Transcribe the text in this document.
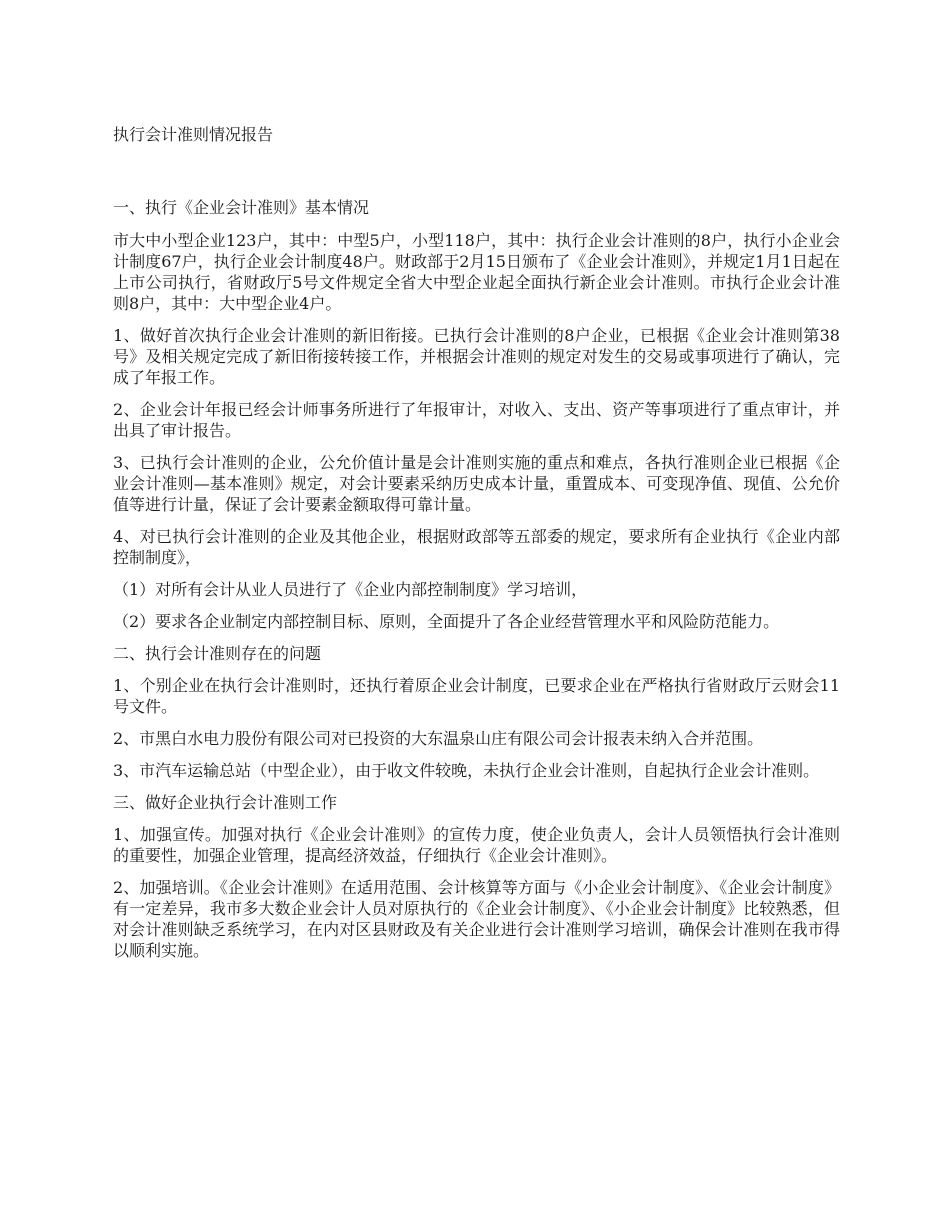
执行会计准则情况报告

一、执行《企业会计准则》基本情况

市大中小型企业123户，其中：中型5户，小型118户，其中：执行企业会计准则的8户，执行小企业会计制度67户，执行企业会计制度48户。财政部于2月15日颁布了《企业会计准则》，并规定1月1日起在上市公司执行，省财政厅5号文件规定全省大中型企业起全面执行新企业会计准则。市执行企业会计准则8户，其中：大中型企业4户。

1、做好首次执行企业会计准则的新旧衔接。已执行会计准则的8户企业，已根据《企业会计准则第38号》及相关规定完成了新旧衔接转接工作，并根据会计准则的规定对发生的交易或事项进行了确认，完成了年报工作。

2、企业会计年报已经会计师事务所进行了年报审计，对收入、支出、资产等事项进行了重点审计，并出具了审计报告。

3、已执行会计准则的企业，公允价值计量是会计准则实施的重点和难点，各执行准则企业已根据《企业会计准则—基本准则》规定，对会计要素采纳历史成本计量，重置成本、可变现净值、现值、公允价值等进行计量，保证了会计要素金额取得可靠计量。

4、对已执行会计准则的企业及其他企业，根据财政部等五部委的规定，要求所有企业执行《企业内部控制制度》，

（1）对所有会计从业人员进行了《企业内部控制制度》学习培训，

（2）要求各企业制定内部控制目标、原则，全面提升了各企业经营管理水平和风险防范能力。

二、执行会计准则存在的问题

1、个别企业在执行会计准则时，还执行着原企业会计制度，已要求企业在严格执行省财政厅云财会11号文件。

2、市黑白水电力股份有限公司对已投资的大东温泉山庄有限公司会计报表未纳入合并范围。

3、市汽车运输总站（中型企业），由于收文件较晚，未执行企业会计准则，自起执行企业会计准则。

三、做好企业执行会计准则工作

1、加强宣传。加强对执行《企业会计准则》的宣传力度，使企业负责人，会计人员领悟执行会计准则的重要性，加强企业管理，提高经济效益，仔细执行《企业会计准则》。

2、加强培训。《企业会计准则》在适用范围、会计核算等方面与《小企业会计制度》、《企业会计制度》有一定差异，我市多大数企业会计人员对原执行的《企业会计制度》、《小企业会计制度》比较熟悉，但对会计准则缺乏系统学习，在内对区县财政及有关企业进行会计准则学习培训，确保会计准则在我市得以顺利实施。
